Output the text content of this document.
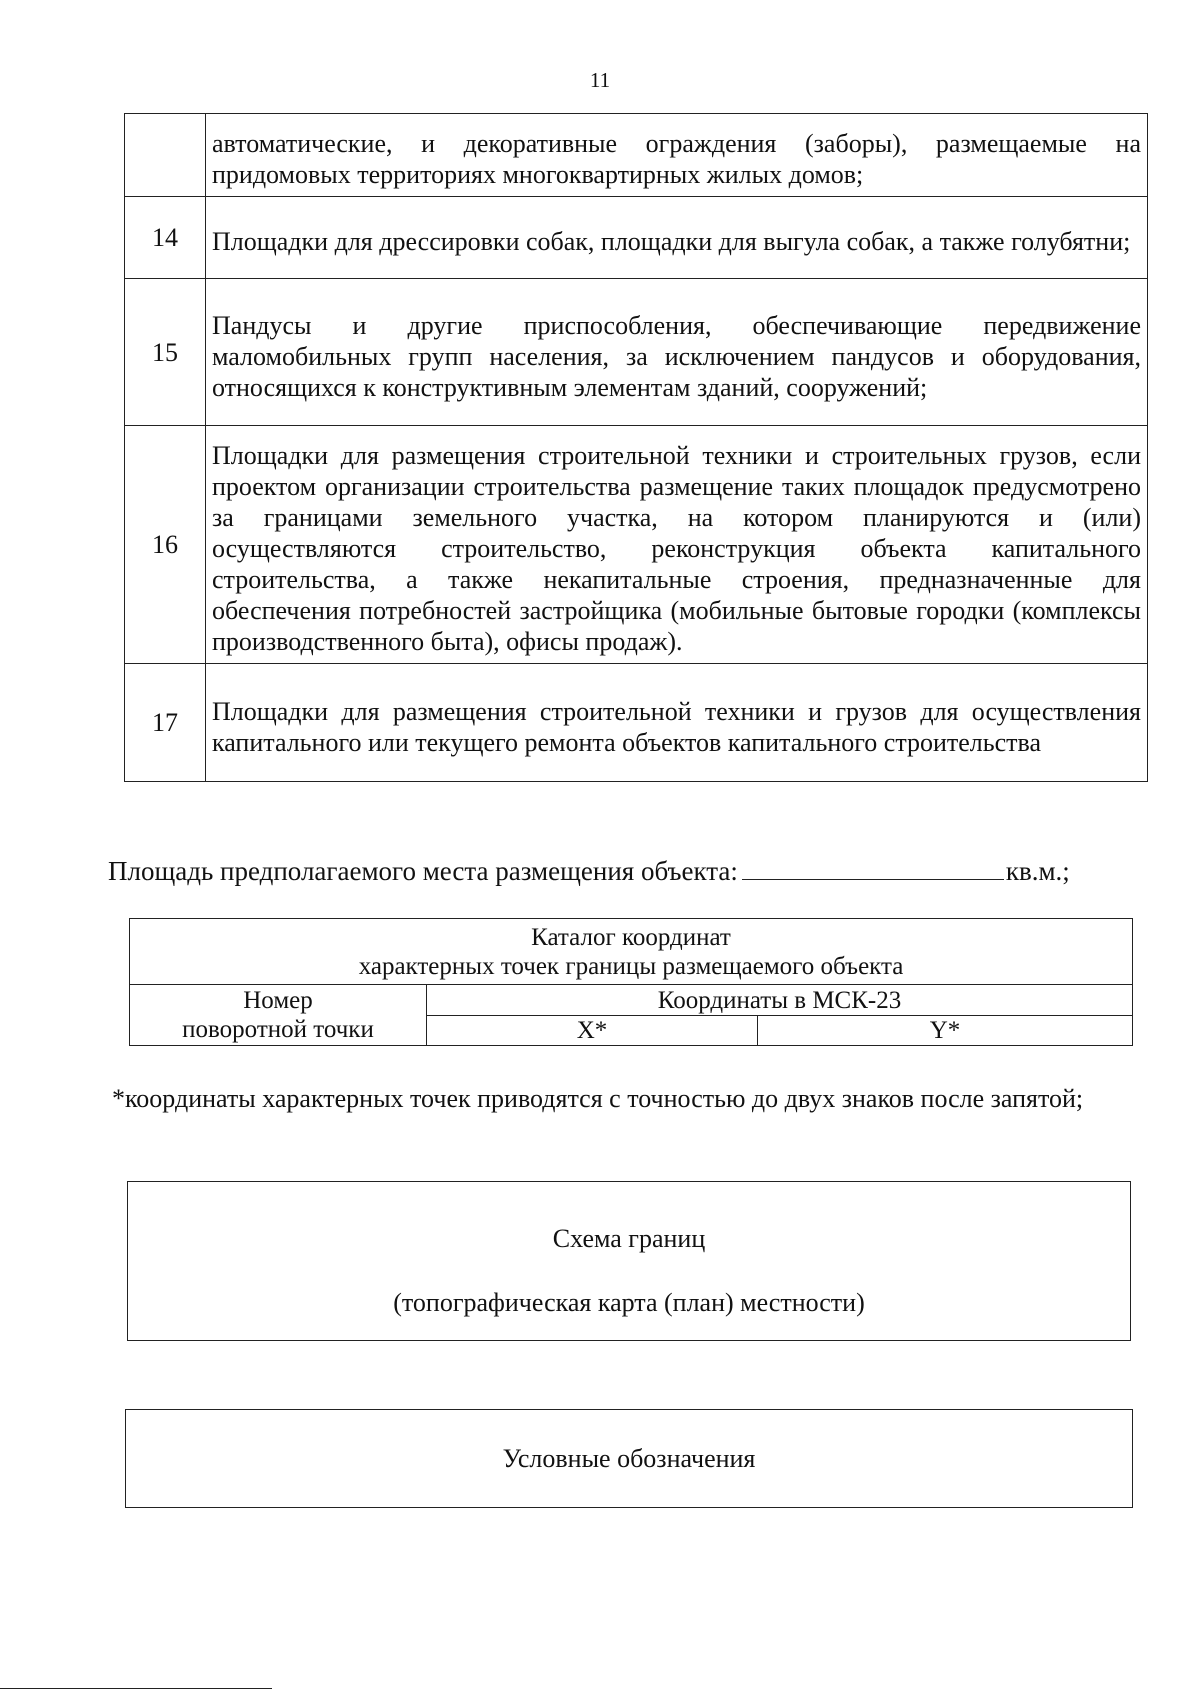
11
	автоматические, и декоративные ограждения (заборы), размещаемые на придомовых территориях многоквартирных жилых домов;
14	Площадки для дрессировки собак, площадки для выгула собак, а также голубятни;
15	Пандусы и другие приспособления, обеспечивающие передвижение маломобильных групп населения, за исключением пандусов и оборудования, относящихся к конструктивным элементам зданий, сооружений;
16	Площадки для размещения строительной техники и строительных грузов, если проектом организации строительства размещение таких площадок предусмотрено за границами земельного участка, на котором планируются и (или) осуществляются строительство, реконструкция объекта капитального строительства, а также некапитальные строения, предназначенные для обеспечения потребностей застройщика (мобильные бытовые городки (комплексы производственного быта), офисы продаж).
17	Площадки для размещения строительной техники и грузов для осуществления капитального или текущего ремонта объектов капитального строительства
Площадь предполагаемого места размещения объекта:	кв.м.;
Каталог координат
характерных точек границы размещаемого объекта		

Номер
поворотной точки	Координаты в МСК-23	
	X*	Y*
*координаты характерных точек приводятся с точностью до двух знаков после запятой;
Схема границ
(топографическая карта (план) местности)
Условные обозначения
